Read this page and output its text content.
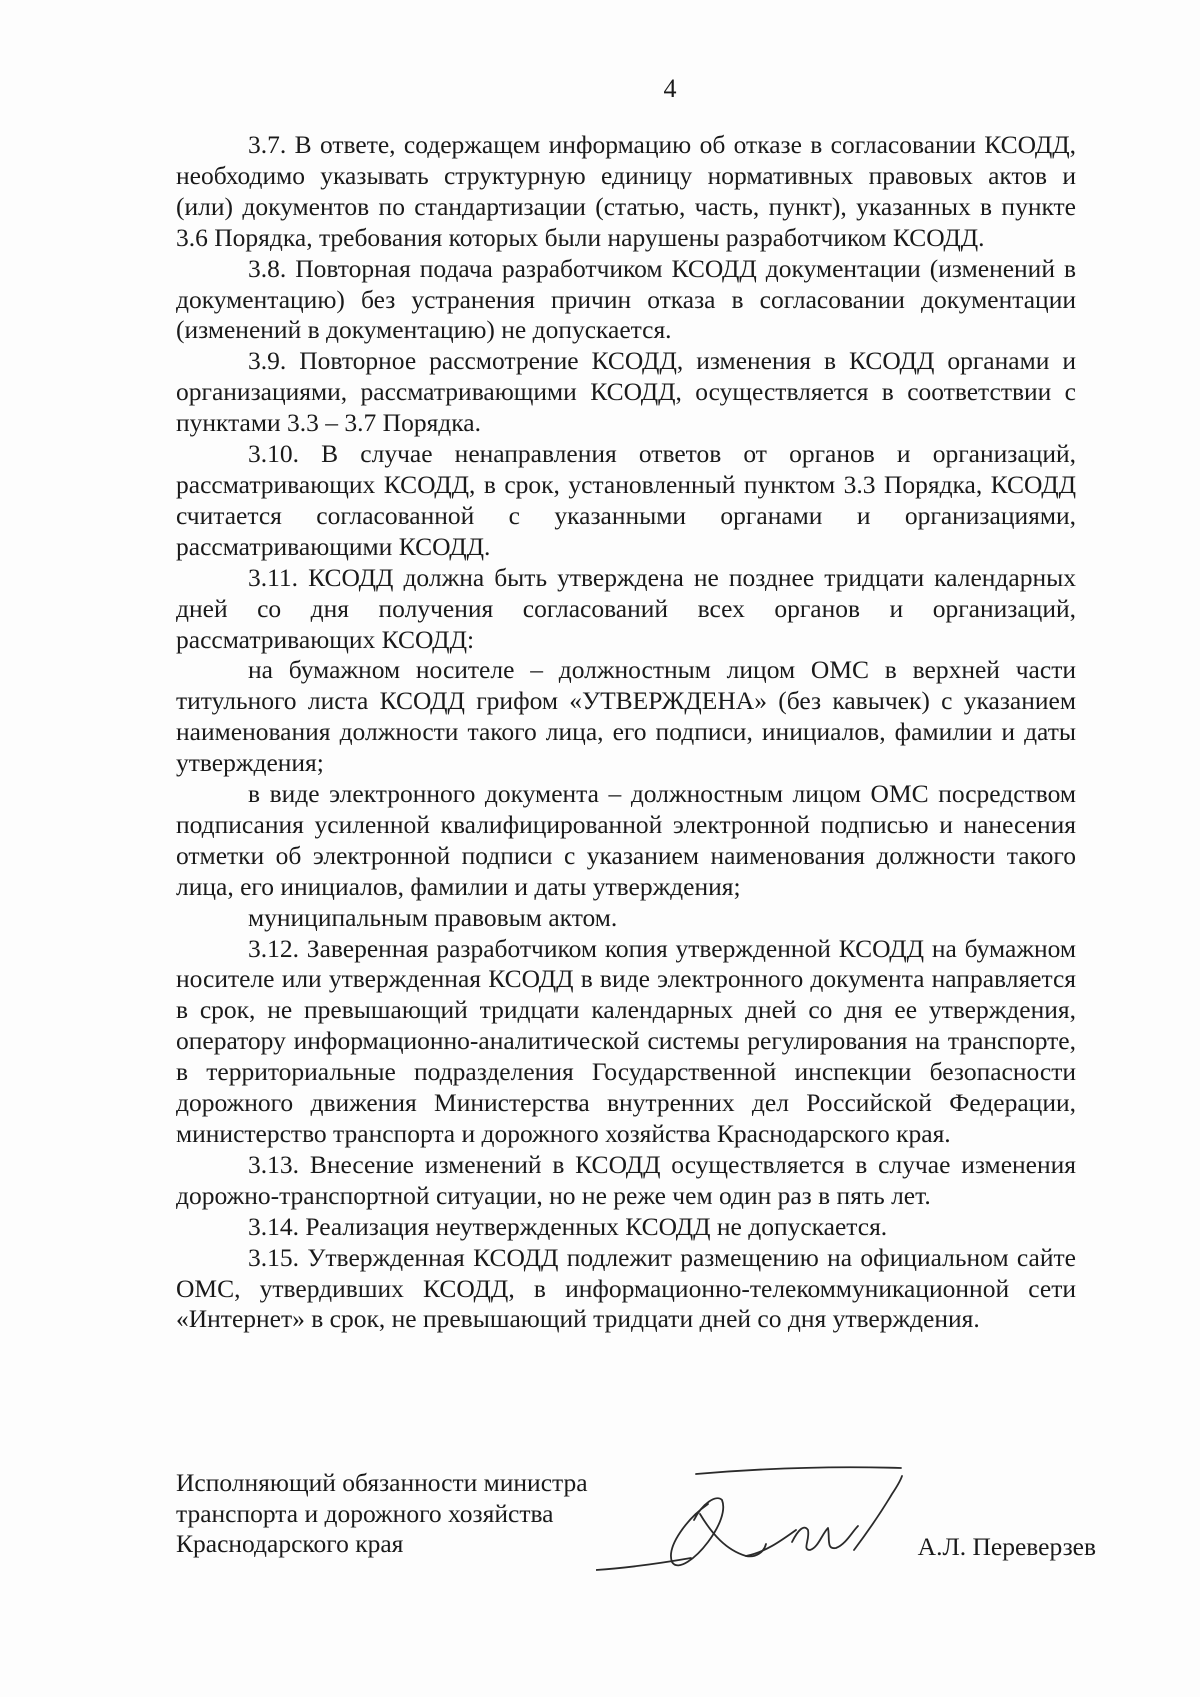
4

3.7. В ответе, содержащем информацию об отказе в согласовании КСОДД, необходимо указывать структурную единицу нормативных правовых актов и (или) документов по стандартизации (статью, часть, пункт), указанных в пункте 3.6 Порядка, требования которых были нарушены разработчиком КСОДД.

3.8. Повторная подача разработчиком КСОДД документации (изменений в документацию) без устранения причин отказа в согласовании документации (изменений в документацию) не допускается.

3.9. Повторное рассмотрение КСОДД, изменения в КСОДД органами и организациями, рассматривающими КСОДД, осуществляется в соответствии с пунктами 3.3 – 3.7 Порядка.

3.10. В случае ненаправления ответов от органов и организаций, рассматривающих КСОДД, в срок, установленный пунктом 3.3 Порядка, КСОДД считается согласованной с указанными органами и организациями, рассматривающими КСОДД.

3.11. КСОДД должна быть утверждена не позднее тридцати календарных дней со дня получения согласований всех органов и организаций, рассматривающих КСОДД:

на бумажном носителе – должностным лицом ОМС в верхней части титульного листа КСОДД грифом «УТВЕРЖДЕНА» (без кавычек) с указанием наименования должности такого лица, его подписи, инициалов, фамилии и даты утверждения;

в виде электронного документа – должностным лицом ОМС посредством подписания усиленной квалифицированной электронной подписью и нанесения отметки об электронной подписи с указанием наименования должности такого лица, его инициалов, фамилии и даты утверждения;

муниципальным правовым актом.

3.12. Заверенная разработчиком копия утвержденной КСОДД на бумажном носителе или утвержденная КСОДД в виде электронного документа направляется в срок, не превышающий тридцати календарных дней со дня ее утверждения, оператору информационно-аналитической системы регулирования на транспорте, в территориальные подразделения Государственной инспекции безопасности дорожного движения Министерства внутренних дел Российской Федерации, министерство транспорта и дорожного хозяйства Краснодарского края.

3.13. Внесение изменений в КСОДД осуществляется в случае изменения дорожно-транспортной ситуации, но не реже чем один раз в пять лет.

3.14. Реализация неутвержденных КСОДД не допускается.

3.15. Утвержденная КСОДД подлежит размещению на официальном сайте ОМС, утвердивших КСОДД, в информационно-телекоммуникационной сети «Интернет» в срок, не превышающий тридцати дней со дня утверждения.

Исполняющий обязанности министра
транспорта и дорожного хозяйства
Краснодарского края	А.Л. Переверзев
